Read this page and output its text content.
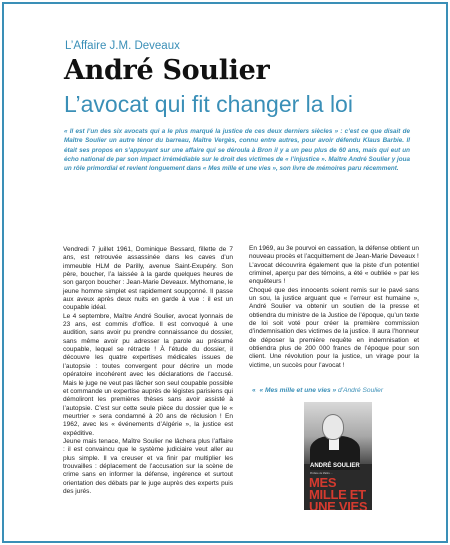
L’Affaire J.M. Deveaux
André Soulier
L’avocat qui fit changer la loi
« Il est l’un des six avocats qui a le plus marqué la justice de ces deux derniers siècles » : c’est ce que disait de Maître Soulier un autre ténor du barreau, Maître Vergès, connu entre autres, pour avoir défendu Klaus Barbie. Il était ses propos en s’appuyant sur une affaire qui se déroula à Bron il y a un peu plus de 60 ans, mais qui eut un écho national de par son impact irrémédiable sur le droit des victimes de « l’injustice ». Maître André Soulier y joua un rôle primordial et revient longuement dans « Mes mille et une vies », son livre de mémoires paru récemment.

Vendredi 7 juillet 1961, Dominique Bessard, fillette de 7 ans, est retrouvée assassinée dans les caves d’un immeuble HLM de Parilly, avenue Saint-Exupéry. Son père, boucher, l’a laissée à la garde quelques heures de son garçon boucher : Jean-Marie Deveaux. Mythomane, le jeune homme simplet est rapidement soupçonné. Il passe aux aveux après deux nuits en garde à vue : il est un coupable idéal.

Le 4 septembre, Maître André Soulier, avocat lyonnais de 23 ans, est commis d’office. Il est convoqué à une audition, sans avoir pu prendre connaissance du dossier, sans même avoir pu adresser la parole au présumé coupable, lequel se rétracte ! À l’étude du dossier, il découvre les quatre expertises médicales issues de l’autopsie : toutes convergent pour décrire un mode opératoire incohérent avec les déclarations de l’accusé. Mais le juge ne veut pas lâcher son seul coupable possible et commande un expertise auprès de légistes parisiens qui démoliront les premières thèses sans avoir assisté à l’autopsie. C’est sur cette seule pièce du dossier que le « meurtrier » sera condamné à 20 ans de réclusion ! En 1962, avec les « événements d’Algérie », la justice est expéditive.

Jeune mais tenace, Maître Soulier ne lâchera plus l’affaire : il est convaincu que le système judiciaire veut aller au plus simple. Il va creuser et va finir par multiplier les trouvailles : déplacement de l’accusation sur la scène de crime sans en informer la défense, ingérence et surtout orientation des débats par le juge auprès des experts puis des jurés.

En 1969, au 3e pourvoi en cassation, la défense obtient un nouveau procès et l’acquittement de Jean-Marie Deveaux !

L’avocat découvrira également que la piste d’un potentiel criminel, aperçu par des témoins, a été « oubliée » par les enquêteurs !

Choqué que des innocents soient remis sur le pavé sans un sou, la justice arguant que « l’erreur est humaine », André Soulier va obtenir un soutien de la presse et obtiendra du ministre de la Justice de l’époque, qu’un texte de loi soit voté pour créer la première commission d’indemnisation des victimes de la justice. Il aura l’honneur de déposer la première requête en indemnisation et obtiendra plus de 200 000 francs de l’époque pour son client. Une révolution pour la justice, un virage pour la victime, un succès pour l’avocat !

« « Mes mille et une vies » d’André Soulier
ANDRÉ SOULIER
Préface de Maître ...
MES MILLE ET UNE VIES
